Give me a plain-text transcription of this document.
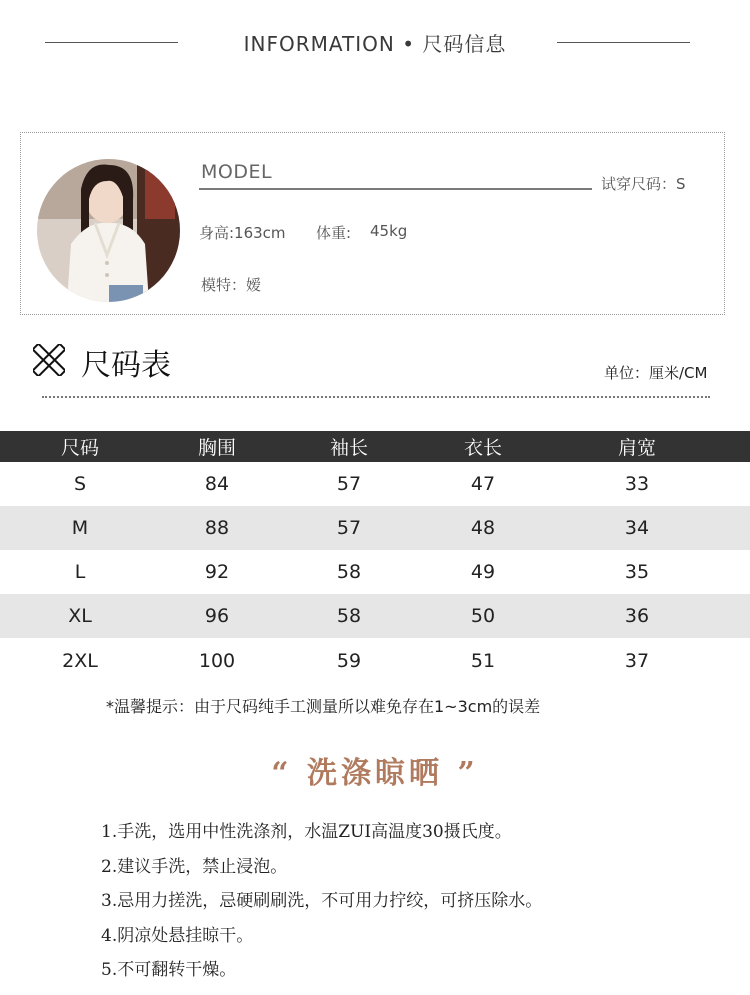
INFORMATION • 尺码信息
MODEL
试穿尺码：S
身高:163cm 体重: 45kg
模特：嫒
尺码表	单位：厘米/CM
尺码	胸围	袖长	衣长	肩宽
S	84	57	47	33
M	88	57	48	34
L	92	58	49	35
XL	96	58	50	36
2XL	100	59	51	37
*温馨提示：由于尺码纯手工测量所以难免存在1~3cm的误差
“ 洗涤晾晒 ”
1.手洗，选用中性洗涤剂，水温ZUI高温度30摄氏度。
2.建议手洗，禁止浸泡。
3.忌用力搓洗，忌硬刷刷洗，不可用力拧绞，可挤压除水。
4.阴凉处悬挂晾干。
5.不可翻转干燥。
